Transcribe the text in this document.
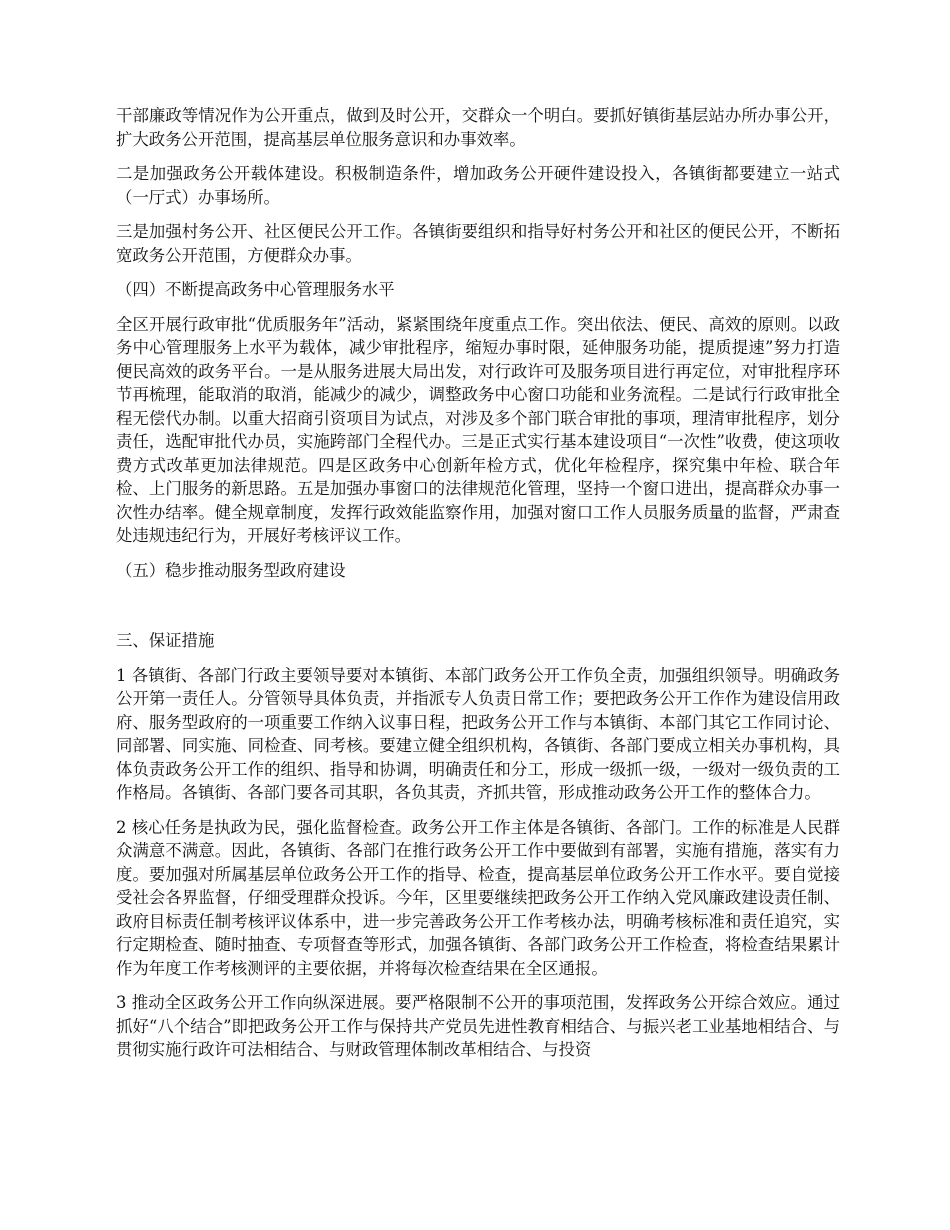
干部廉政等情况作为公开重点，做到及时公开，交群众一个明白。要抓好镇街基层站办所办事公开，扩大政务公开范围，提高基层单位服务意识和办事效率。

二是加强政务公开载体建设。积极制造条件，增加政务公开硬件建设投入，各镇街都要建立一站式（一厅式）办事场所。

三是加强村务公开、社区便民公开工作。各镇街要组织和指导好村务公开和社区的便民公开，不断拓宽政务公开范围，方便群众办事。

（四）不断提高政务中心管理服务水平

全区开展行政审批“优质服务年”活动，紧紧围绕年度重点工作。突出依法、便民、高效的原则。以政务中心管理服务上水平为载体，减少审批程序，缩短办事时限，延伸服务功能，提质提速”努力打造便民高效的政务平台。一是从服务进展大局出发，对行政许可及服务项目进行再定位，对审批程序环节再梳理，能取消的取消，能减少的减少，调整政务中心窗口功能和业务流程。二是试行行政审批全程无偿代办制。以重大招商引资项目为试点，对涉及多个部门联合审批的事项，理清审批程序，划分责任，选配审批代办员，实施跨部门全程代办。三是正式实行基本建设项目“一次性”收费，使这项收费方式改革更加法律规范。四是区政务中心创新年检方式，优化年检程序，探究集中年检、联合年检、上门服务的新思路。五是加强办事窗口的法律规范化管理，坚持一个窗口进出，提高群众办事一次性办结率。健全规章制度，发挥行政效能监察作用，加强对窗口工作人员服务质量的监督，严肃查处违规违纪行为，开展好考核评议工作。

（五）稳步推动服务型政府建设

三、保证措施

1 各镇街、各部门行政主要领导要对本镇街、本部门政务公开工作负全责，加强组织领导。明确政务公开第一责任人。分管领导具体负责，并指派专人负责日常工作；要把政务公开工作作为建设信用政府、服务型政府的一项重要工作纳入议事日程，把政务公开工作与本镇街、本部门其它工作同讨论、同部署、同实施、同检查、同考核。要建立健全组织机构，各镇街、各部门要成立相关办事机构，具体负责政务公开工作的组织、指导和协调，明确责任和分工，形成一级抓一级，一级对一级负责的工作格局。各镇街、各部门要各司其职，各负其责，齐抓共管，形成推动政务公开工作的整体合力。

2 核心任务是执政为民，强化监督检查。政务公开工作主体是各镇街、各部门。工作的标准是人民群众满意不满意。因此，各镇街、各部门在推行政务公开工作中要做到有部署，实施有措施，落实有力度。要加强对所属基层单位政务公开工作的指导、检查，提高基层单位政务公开工作水平。要自觉接受社会各界监督，仔细受理群众投诉。今年，区里要继续把政务公开工作纳入党风廉政建设责任制、政府目标责任制考核评议体系中，进一步完善政务公开工作考核办法，明确考核标准和责任追究，实行定期检查、随时抽查、专项督查等形式，加强各镇街、各部门政务公开工作检查，将检查结果累计作为年度工作考核测评的主要依据，并将每次检查结果在全区通报。

3 推动全区政务公开工作向纵深进展。要严格限制不公开的事项范围，发挥政务公开综合效应。通过抓好“八个结合”即把政务公开工作与保持共产党员先进性教育相结合、与振兴老工业基地相结合、与贯彻实施行政许可法相结合、与财政管理体制改革相结合、与投资
